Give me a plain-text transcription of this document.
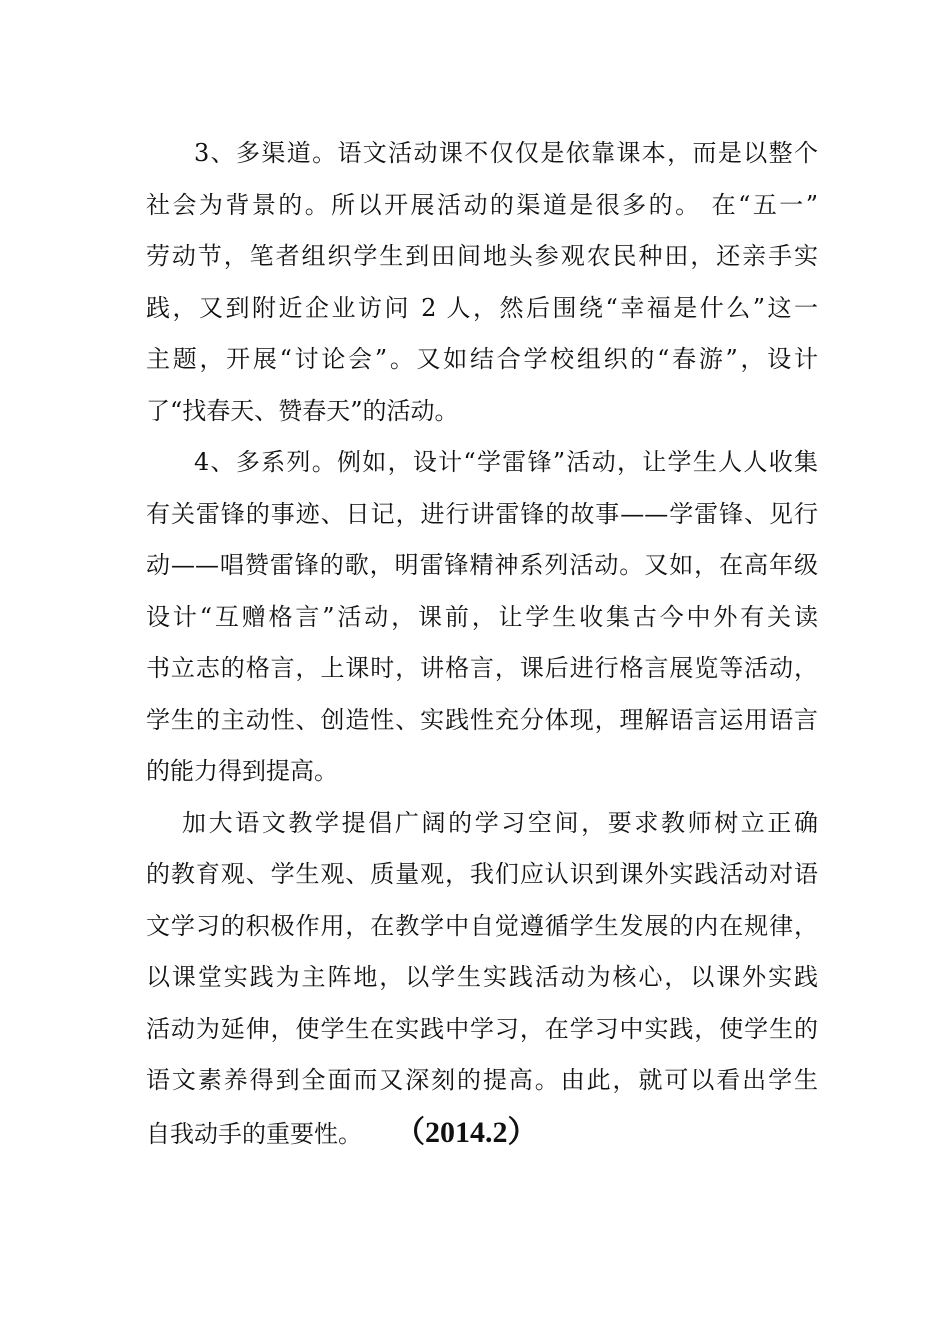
3、多渠道。语文活动课不仅仅是依靠课本，而是以整个
社会为背景的。所以开展活动的渠道是很多的。 在“五一”
劳动节，笔者组织学生到田间地头参观农民种田，还亲手实
践，又到附近企业访问 2 人，然后围绕“幸福是什么”这一
主题，开展“讨论会”。又如结合学校组织的“春游”，设计
了“找春天、赞春天”的活动。
4、多系列。例如，设计“学雷锋”活动，让学生人人收集
有关雷锋的事迹、日记，进行讲雷锋的故事——学雷锋、见行
动——唱赞雷锋的歌，明雷锋精神系列活动。又如，在高年级
设计“互赠格言”活动，课前，让学生收集古今中外有关读
书立志的格言，上课时，讲格言，课后进行格言展览等活动，
学生的主动性、创造性、实践性充分体现，理解语言运用语言
的能力得到提高。
加大语文教学提倡广阔的学习空间，要求教师树立正确
的教育观、学生观、质量观，我们应认识到课外实践活动对语
文学习的积极作用，在教学中自觉遵循学生发展的内在规律，
以课堂实践为主阵地，以学生实践活动为核心，以课外实践
活动为延伸，使学生在实践中学习，在学习中实践，使学生的
语文素养得到全面而又深刻的提高。由此，就可以看出学生
自我动手的重要性。 （2014.2）
